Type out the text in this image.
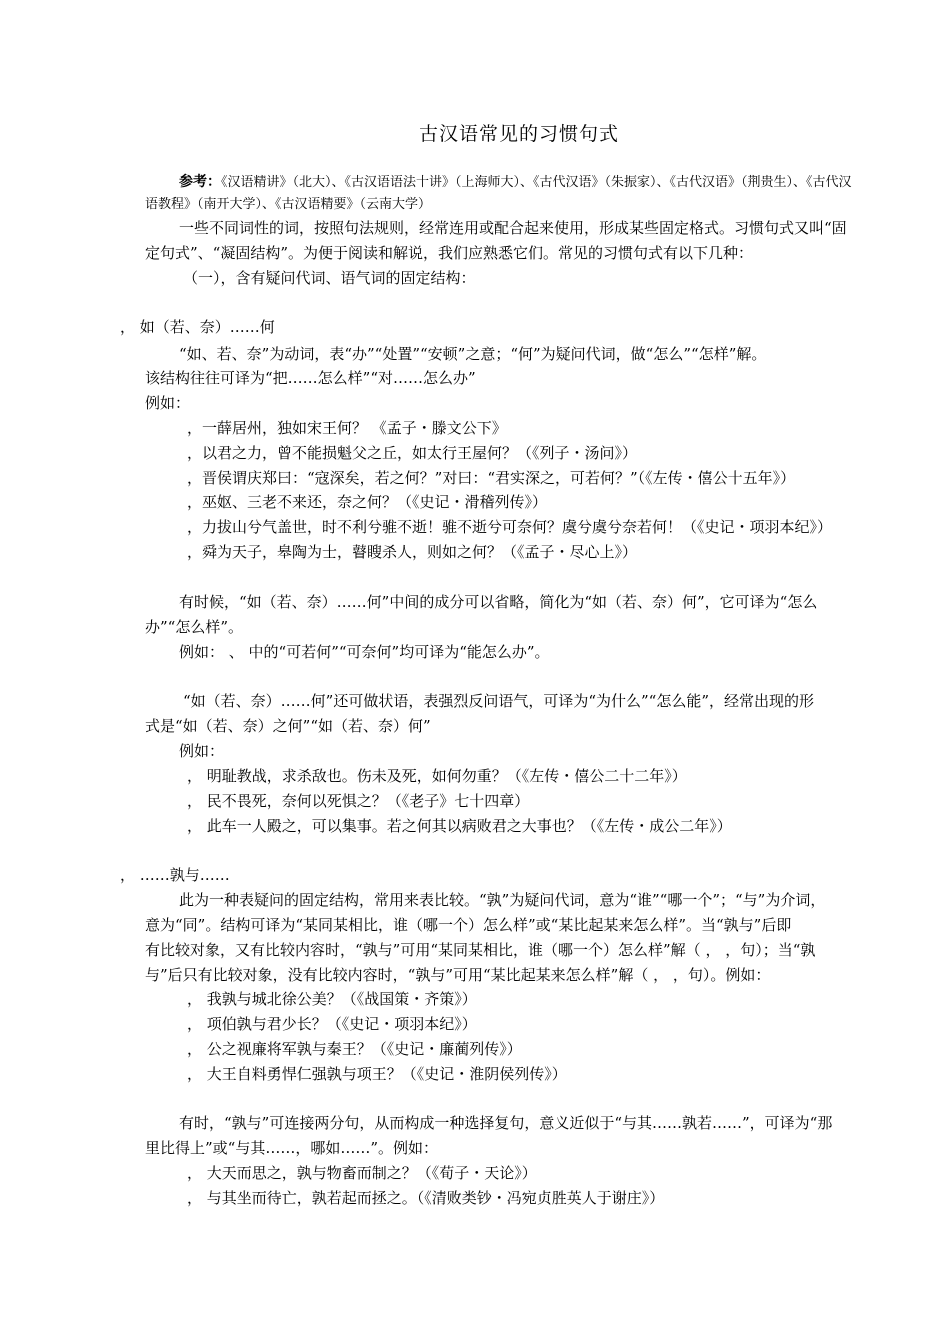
古汉语常见的习惯句式
参考：《汉语精讲》（北大）、《古汉语语法十讲》（上海师大）、《古代汉语》（朱振家）、《古代汉语》（荆贵生）、《古代汉
语教程》（南开大学）、《古汉语精要》（云南大学）
一些不同词性的词，按照句法规则，经常连用或配合起来使用，形成某些固定格式。习惯句式又叫“固
定句式”、“凝固结构”。为便于阅读和解说，我们应熟悉它们。常见的习惯句式有以下几种：
（一），含有疑问代词、语气词的固定结构：
， 如（若、奈）……何
“如、若、奈”为动词，表“办”“处置”“安顿”之意；“何”为疑问代词，做“怎么”“怎样”解。
该结构往往可译为“把……怎么样”“对……怎么办”
例如：
，一薛居州，独如宋王何？ 《孟子・滕文公下》
，以君之力，曾不能损魁父之丘，如太行王屋何？（《列子・汤问》）
，晋侯谓庆郑曰：“寇深矣，若之何？”对曰：“君实深之，可若何？”（《左传・僖公十五年》）
，巫妪、三老不来还，奈之何？（《史记・滑稽列传》）
，力拔山兮气盖世，时不利兮骓不逝！骓不逝兮可奈何？虞兮虞兮奈若何！（《史记・项羽本纪》）
，舜为天子，皋陶为士，瞽瞍杀人，则如之何？（《孟子・尽心上》）
有时候，“如（若、奈）……何”中间的成分可以省略，简化为“如（若、奈）何”，它可译为“怎么
办”“怎么样”。
例如： 、 中的“可若何”“可奈何”均可译为“能怎么办”。
“如（若、奈）……何”还可做状语，表强烈反问语气，可译为“为什么”“怎么能”，经常出现的形
式是“如（若、奈）之何”“如（若、奈）何”
例如：
， 明耻教战，求杀敌也。伤未及死，如何勿重？（《左传・僖公二十二年》）
， 民不畏死，奈何以死惧之？（《老子》七十四章）
， 此车一人殿之，可以集事。若之何其以病败君之大事也？（《左传・成公二年》）
， ……孰与……
此为一种表疑问的固定结构，常用来表比较。“孰”为疑问代词，意为“谁”“哪一个”；“与”为介词，
意为“同”。结构可译为“某同某相比，谁（哪一个）怎么样”或“某比起某来怎么样”。当“孰与”后即
有比较对象，又有比较内容时，“孰与”可用“某同某相比，谁（哪一个）怎么样”解（ ， ，句）；当“孰
与”后只有比较对象，没有比较内容时，“孰与”可用“某比起某来怎么样”解（ ， ，句）。例如：
， 我孰与城北徐公美？（《战国策・齐策》）
， 项伯孰与君少长？（《史记・项羽本纪》）
， 公之视廉将军孰与秦王？（《史记・廉蔺列传》）
， 大王自料勇悍仁强孰与项王？（《史记・淮阴侯列传》）
有时，“孰与”可连接两分句，从而构成一种选择复句，意义近似于“与其……孰若……”，可译为“那
里比得上”或“与其……，哪如……”。例如：
， 大天而思之，孰与物畜而制之？（《荀子・天论》）
， 与其坐而待亡，孰若起而拯之。（《清败类钞・冯宛贞胜英人于谢庄》）
